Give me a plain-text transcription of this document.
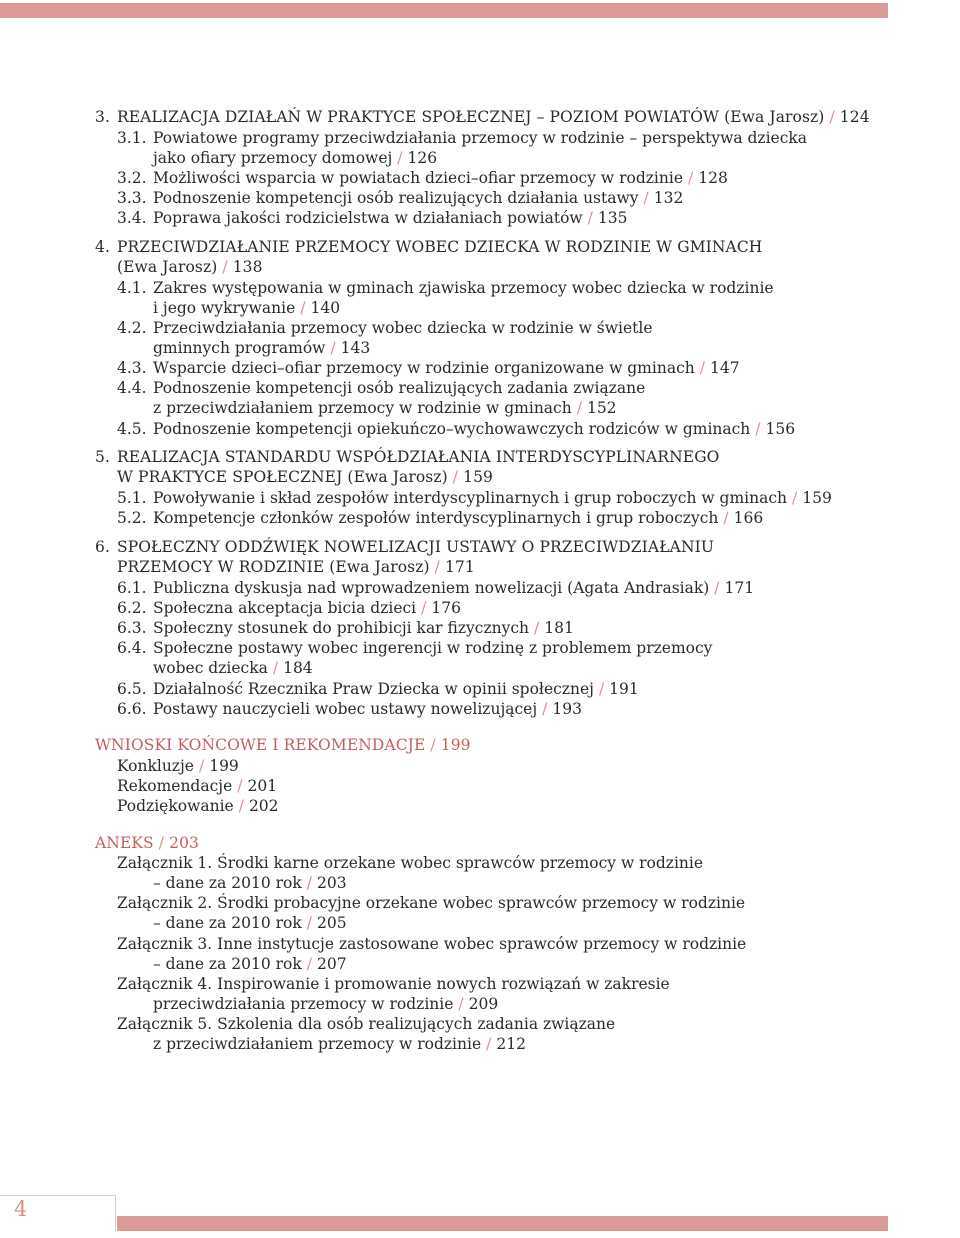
3. REALIZACJA DZIAŁAŃ W PRAKTYCE SPOŁECZNEJ – POZIOM POWIATÓW (Ewa Jarosz) / 124
3.1. Powiatowe programy przeciwdziałania przemocy w rodzinie – perspektywa dziecka
jako ofiary przemocy domowej / 126
3.2. Możliwości wsparcia w powiatach dzieci–ofiar przemocy w rodzinie / 128
3.3. Podnoszenie kompetencji osób realizujących działania ustawy / 132
3.4. Poprawa jakości rodzicielstwa w działaniach powiatów / 135
4. PRZECIWDZIAŁANIE PRZEMOCY WOBEC DZIECKA W RODZINIE W GMINACH
(Ewa Jarosz) / 138
4.1. Zakres występowania w gminach zjawiska przemocy wobec dziecka w rodzinie
i jego wykrywanie / 140
4.2. Przeciwdziałania przemocy wobec dziecka w rodzinie w świetle
gminnych programów / 143
4.3. Wsparcie dzieci–ofiar przemocy w rodzinie organizowane w gminach / 147
4.4. Podnoszenie kompetencji osób realizujących zadania związane
z przeciwdziałaniem przemocy w rodzinie w gminach / 152
4.5. Podnoszenie kompetencji opiekuńczo–wychowawczych rodziców w gminach / 156
5. REALIZACJA STANDARDU WSPÓŁDZIAŁANIA INTERDYSCYPLINARNEGO
W PRAKTYCE SPOŁECZNEJ (Ewa Jarosz) / 159
5.1. Powoływanie i skład zespołów interdyscyplinarnych i grup roboczych w gminach / 159
5.2. Kompetencje członków zespołów interdyscyplinarnych i grup roboczych / 166
6. SPOŁECZNY ODDŹWIĘK NOWELIZACJI USTAWY O PRZECIWDZIAŁANIU
PRZEMOCY W RODZINIE (Ewa Jarosz) / 171
6.1. Publiczna dyskusja nad wprowadzeniem nowelizacji (Agata Andrasiak) / 171
6.2. Społeczna akceptacja bicia dzieci / 176
6.3. Społeczny stosunek do prohibicji kar fizycznych / 181
6.4. Społeczne postawy wobec ingerencji w rodzinę z problemem przemocy
wobec dziecka / 184
6.5. Działalność Rzecznika Praw Dziecka w opinii społecznej / 191
6.6. Postawy nauczycieli wobec ustawy nowelizującej / 193
WNIOSKI KOŃCOWE I REKOMENDACJE / 199
Konkluzje / 199
Rekomendacje / 201
Podziękowanie / 202
ANEKS / 203
Załącznik 1. Środki karne orzekane wobec sprawców przemocy w rodzinie
– dane za 2010 rok / 203
Załącznik 2. Środki probacyjne orzekane wobec sprawców przemocy w rodzinie
– dane za 2010 rok / 205
Załącznik 3. Inne instytucje zastosowane wobec sprawców przemocy w rodzinie
– dane za 2010 rok / 207
Załącznik 4. Inspirowanie i promowanie nowych rozwiązań w zakresie
przeciwdziałania przemocy w rodzinie / 209
Załącznik 5. Szkolenia dla osób realizujących zadania związane
z przeciwdziałaniem przemocy w rodzinie / 212
4
